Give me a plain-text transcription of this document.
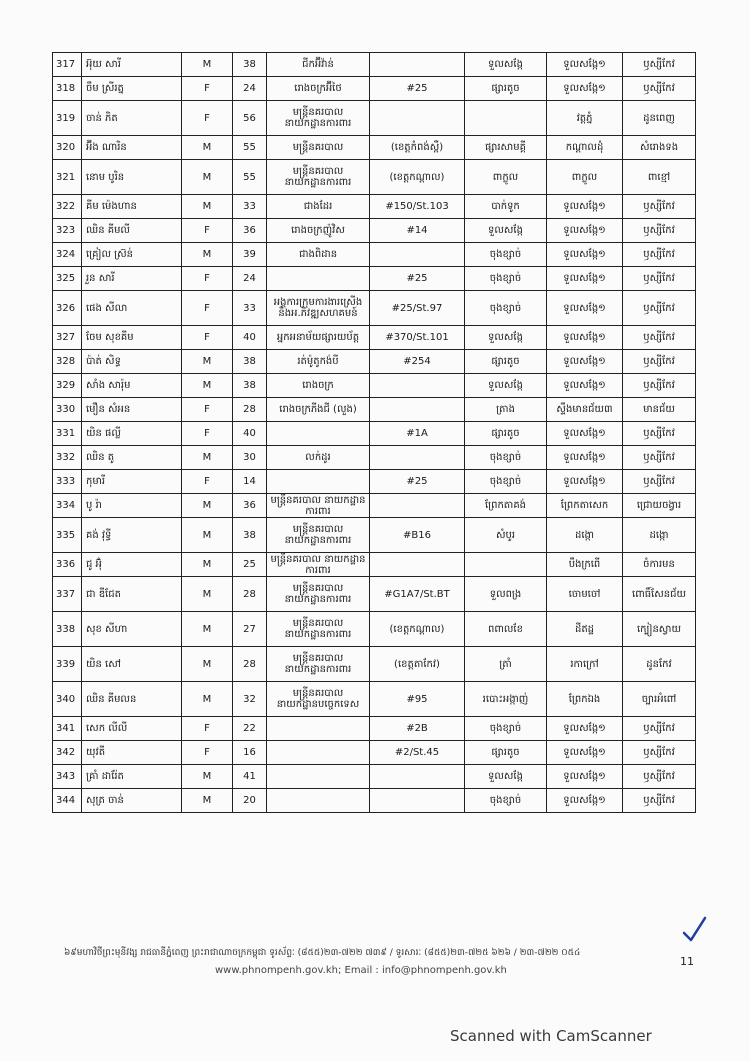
317	អ៊ុយ សារី	M	38	ជីកអ៊ីវ៉ាន់		ទួលសង្កែ	ទួលសង្កែ១	ឫស្សីកែវ
318	ចឹម ស្រីរត្ន	F	24	រោងចក្រអ៊ីថៃ	#25	ផ្សារតូច	ទួលសង្កែ១	ឫស្សីកែវ
319	ចាន់ ភិត	F	56	មន្ត្រីនគរបាល
នាយកដ្ឋានការពារ			វត្តភ្នំ	ដូនពេញ
320	អ៊ីង ណារិន	M	55	មន្ត្រីនគរបាល	(ខេត្តកំពង់ស្ពឺ)	ផ្សារសាមគ្គី	កណ្ដាលដុំ	សំរោងទង
321	នោម បូរិន	M	55	មន្ត្រីនគរបាល
នាយកដ្ឋានការពារ	(ខេត្តកណ្ដាល)	ពាក្លូល	ពាក្លូល	ពាខ្មៅ
322	គីម ម៉េងហាន	M	33	ជាងដែរ	#150/St.103	បាក់ទូក	ទួលសង្កែ១	ឫស្សីកែវ
323	ឈិន គីមលី	F	36	រោងចក្រញ៉ូវិស	#14	ទួលសង្កែ	ទួលសង្កែ១	ឫស្សីកែវ
324	គ្រៀល ស្រ៊ន់	M	39	ជាងពិដាន		ចុងខ្សាច់	ទួលសង្កែ១	ឫស្សីកែវ
325	រួន សារី	F	24		#25	ចុងខ្សាច់	ទួលសង្កែ១	ឫស្សីកែវ
326	ផេង សីលា	F	33	អង្គការក្រុមការងារស្រេីង
និងអ.ភិវឌ្ឍសហគមន៍	#25/St.97	ចុងខ្សាច់	ទួលសង្កែ១	ឫស្សីកែវ
327	ចែម សុខគីម	F	40	អ្នកអនាម័យផ្សារយប័ត្ត	#370/St.101	ទួលសង្កែ	ទួលសង្កែ១	ឫស្សីកែវ
328	ប៉ាត់ សិទ្ធ	M	38	រត់ម៉ូតូកង់បី	#254	ផ្សារតូច	ទួលសង្កែ១	ឫស្សីកែវ
329	សាំង សារ៉ុម	M	38	រោងចក្រ		ទួលសង្កែ	ទួលសង្កែ១	ឫស្សីកែវ
330	មឿន សំអន	F	28	រោងចក្រភីងជី (លួង)		ត្រាង	ស្ទឹងមានជ័យ៣	មានជ័យ
331	យិន ផល្លី	F	40		#1A	ផ្សារតូច	ទួលសង្កែ១	ឫស្សីកែវ
332	ឈិន តូ	M	30	លក់ដូរ		ចុងខ្សាច់	ទួលសង្កែ១	ឫស្សីកែវ
333	កុមារី	F	14		#25	ចុងខ្សាច់	ទួលសង្កែ១	ឫស្សីកែវ
334	បូ រ៉ា	M	36	មន្ត្រីនគរបាល នាយកដ្ឋានការពារ		ព្រែកតាគង់	ព្រែកតាសេក	ជ្រោយចង្វារ
335	គង់ វុទ្ធី	M	38	មន្ត្រីនគរបាល
នាយកដ្ឋានការពារ	#B16	សំបូរ	ដង្កោ	ដង្កោ
336	ជូ អ៊ុំ	M	25	មន្ត្រីនគរបាល នាយកដ្ឋានការពារ			បឹងក្រពើ	ចំការមន
337	ជា ឌីជែត	M	28	មន្ត្រីនគរបាល
នាយកដ្ឋានការពារ	#G1A7/St.BT	ទួលពង្រ	ចោមចៅ	ពោធិ៍សែនជ័យ
338	សុខ សីហា	M	27	មន្ត្រីនគរបាល
នាយកដ្ឋានការពារ	(ខេត្តកណ្ដាល)	ពពាលខែ	ដីឥដ្ឋ	ក្បៀនស្វាយ
339	យិន សៅ	M	28	មន្ត្រីនគរបាល
នាយកដ្ឋានការពារ	(ខេត្តតាកែវ)	ត្រាំ	រកាក្រៅ	ដូនកែវ
340	ឈិន គីមលន	M	32	មន្ត្រីនគរបាល
នាយកដ្ឋានបច្ចេកទេស	#95	របោះអង្កាញ់	ព្រែកឯង	ច្បារអំពៅ
341	សេក លីលី	F	22		#2B	ចុងខ្សាច់	ទួលសង្កែ១	ឫស្សីកែវ
342	យុវតី	F	16		#2/St.45	ផ្សារតូច	ទួលសង្កែ១	ឫស្សីកែវ
343	គ្រាំ ដារ៉ែត	M	41			ទួលសង្កែ	ទួលសង្កែ១	ឫស្សីកែវ
344	សុត្រ ចាន់	M	20			ចុងខ្សាច់	ទួលសង្កែ១	ឫស្សីកែវ
៦៩មហាវិថីព្រះមុនីវង្ស រាជធានីភ្នំពេញ ព្រះរាជាណាចក្រកម្ពុជា ទូរស័ព្ទៈ (៨៥៥)២៣-៧២២ ៧៣៩ / ទូរសារៈ (៨៥៥)២៣-៧២៥ ៦២៦ / ២៣-៧២២ ០៥៤
www.phnompenh.gov.kh; Email : info@phnompenh.gov.kh
11
Scanned with CamScanner
